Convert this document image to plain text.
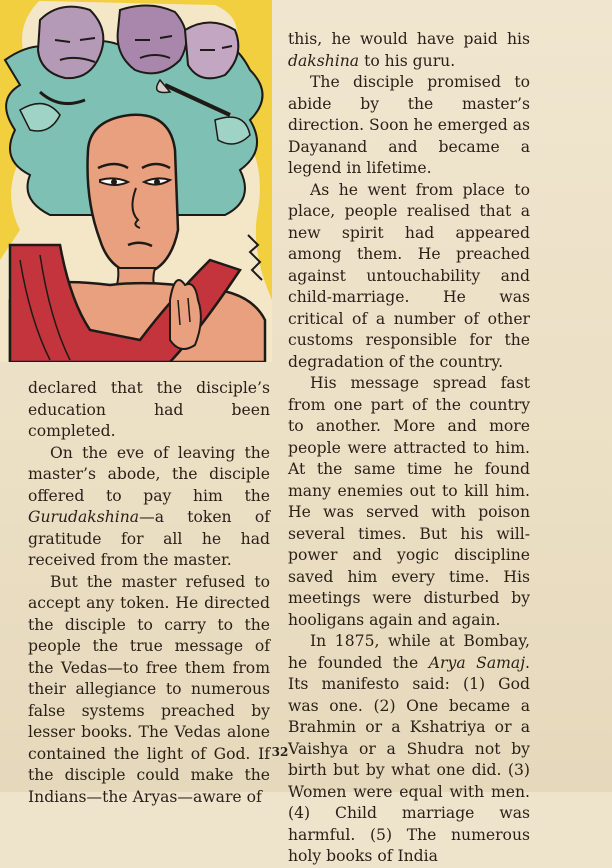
declared that the disciple’s education had been completed.

On the eve of leaving the master’s abode, the disciple offered to pay him the Gurudakshina—a token of gratitude for all he had received from the master.

But the master refused to accept any token. He directed the disciple to carry to the people the true message of the Vedas—to free them from their allegiance to numerous false systems preached by lesser books. The Vedas alone contained the light of God. If the disciple could make the Indians—the Aryas—aware of

this, he would have paid his dakshina to his guru.

The disciple promised to abide by the master’s direction. Soon he emerged as Dayanand and became a legend in lifetime.

As he went from place to place, people realised that a new spirit had appeared among them. He preached against untouchability and child-marriage. He was critical of a number of other customs responsible for the degradation of the country.

His message spread fast from one part of the country to another. More and more people were attracted to him. At the same time he found many enemies out to kill him. He was served with poison several times. But his will-power and yogic discipline saved him every time. His meetings were disturbed by hooligans again and again.

In 1875, while at Bombay, he founded the Arya Samaj. Its manifesto said: (1) God was one. (2) One became a Brahmin or a Kshatriya or a Vaishya or a Shudra not by birth but by what one did. (3) Women were equal with men. (4) Child marriage was harmful. (5) The numerous holy books of India

32
